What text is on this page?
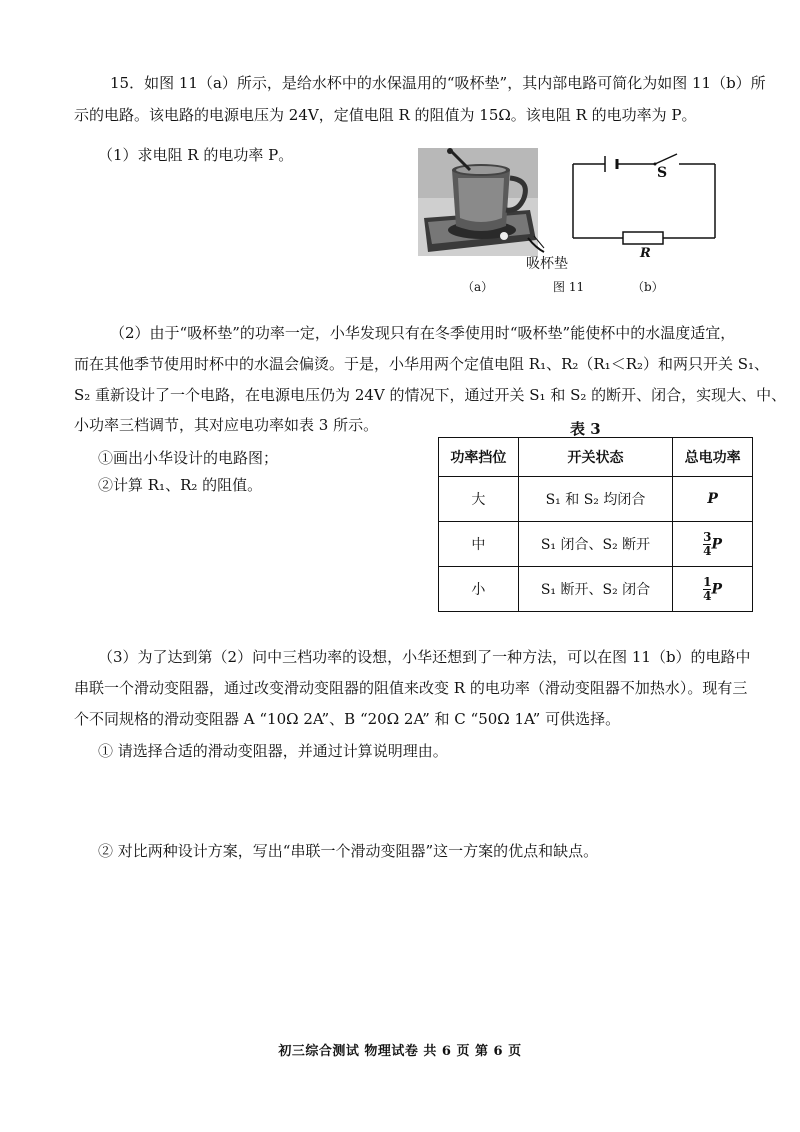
15．如图 11（a）所示，是给水杯中的水保温用的“吸杯垫”，其内部电路可简化为如图 11（b）所
示的电路。该电路的电源电压为 24V，定值电阻 R 的阻值为 15Ω。该电阻 R 的电功率为 P。
（1）求电阻 R 的电功率 P。
吸杯垫
（a）	图 11	（b）
S
R
（2）由于“吸杯垫”的功率一定，小华发现只有在冬季使用时“吸杯垫”能使杯中的水温度适宜，
而在其他季节使用时杯中的水温会偏烫。于是，小华用两个定值电阻 R₁、R₂（R₁＜R₂）和两只开关 S₁、
S₂ 重新设计了一个电路，在电源电压仍为 24V 的情况下，通过开关 S₁ 和 S₂ 的断开、闭合，实现大、中、
小功率三档调节，其对应电功率如表 3 所示。
①画出小华设计的电路图；
②计算 R₁、R₂ 的阻值。
表 3
功率挡位	开关状态	总电功率
大	S₁ 和 S₂ 均闭合	P
中	S₁ 闭合、S₂ 断开	$\frac{3}{4}$ P
小	S₁ 断开、S₂ 闭合	$\frac{1}{4}$ P
（3）为了达到第（2）问中三档功率的设想，小华还想到了一种方法，可以在图 11（b）的电路中
串联一个滑动变阻器，通过改变滑动变阻器的阻值来改变 R 的电功率（滑动变阻器不加热水）。现有三
个不同规格的滑动变阻器 A “10Ω 2A”、B “20Ω 2A” 和 C “50Ω 1A” 可供选择。
① 请选择合适的滑动变阻器，并通过计算说明理由。
② 对比两种设计方案，写出“串联一个滑动变阻器”这一方案的优点和缺点。
初三综合测试 物理试卷 共 6 页 第 6 页
